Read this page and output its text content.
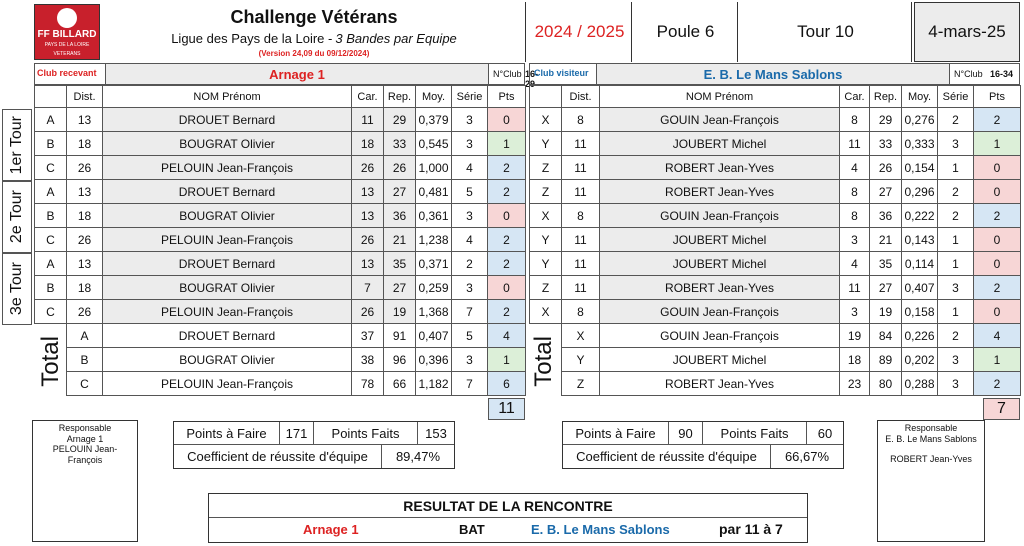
FF BILLARD
PAYS DE LA LOIRE
VETERANS
Challenge Vétérans
Ligue des Pays de la Loire - 3 Bandes par Equipe
(Version 24,09 du 09/12/2024)
2024 / 2025	Poule 6	Tour 10	4-mars-25
Club recevant	Arnage 1	N°Club 16-29
Club visiteur	E. B. Le Mans Sablons	N°Club 16-34
1er Tour
2e Tour
3e Tour
	Dist.	NOM Prénom	Car.	Rep.	Moy.	Série	Pts
A	13	DROUET Bernard	11	29	0,379	3	0
B	18	BOUGRAT Olivier	18	33	0,545	3	1
C	26	PELOUIN Jean-François	26	26	1,000	4	2
A	13	DROUET Bernard	13	27	0,481	5	2
B	18	BOUGRAT Olivier	13	36	0,361	3	0
C	26	PELOUIN Jean-François	26	21	1,238	4	2
A	13	DROUET Bernard	13	35	0,371	2	2
B	18	BOUGRAT Olivier	7	27	0,259	3	0
C	26	PELOUIN Jean-François	26	19	1,368	7	2
	A	DROUET Bernard	37	91	0,407	5	4
	B	BOUGRAT Olivier	38	96	0,396	3	1
	C	PELOUIN Jean-François	78	66	1,182	7	6
	Dist.	NOM Prénom	Car.	Rep.	Moy.	Série	Pts
X	8	GOUIN Jean-François	8	29	0,276	2	2
Y	11	JOUBERT Michel	11	33	0,333	3	1
Z	11	ROBERT Jean-Yves	4	26	0,154	1	0
Z	11	ROBERT Jean-Yves	8	27	0,296	2	0
X	8	GOUIN Jean-François	8	36	0,222	2	2
Y	11	JOUBERT Michel	3	21	0,143	1	0
Y	11	JOUBERT Michel	4	35	0,114	1	0
Z	11	ROBERT Jean-Yves	11	27	0,407	3	2
X	8	GOUIN Jean-François	3	19	0,158	1	0
	X	GOUIN Jean-François	19	84	0,226	2	4
	Y	JOUBERT Michel	18	89	0,202	3	1
	Z	ROBERT Jean-Yves	23	80	0,288	3	2
Total	Total
11	7
Responsable
Arnage 1
PELOUIN Jean-François
Responsable
E. B. Le Mans Sablons
ROBERT Jean-Yves
Points à Faire	171	Points Faits	153
Coefficient de réussite d'équipe	89,47%
Points à Faire	90	Points Faits	60
Coefficient de réussite d'équipe	66,67%
RESULTAT DE LA RENCONTRE
Arnage 1	BAT	E. B. Le Mans Sablons	par 11 à 7
